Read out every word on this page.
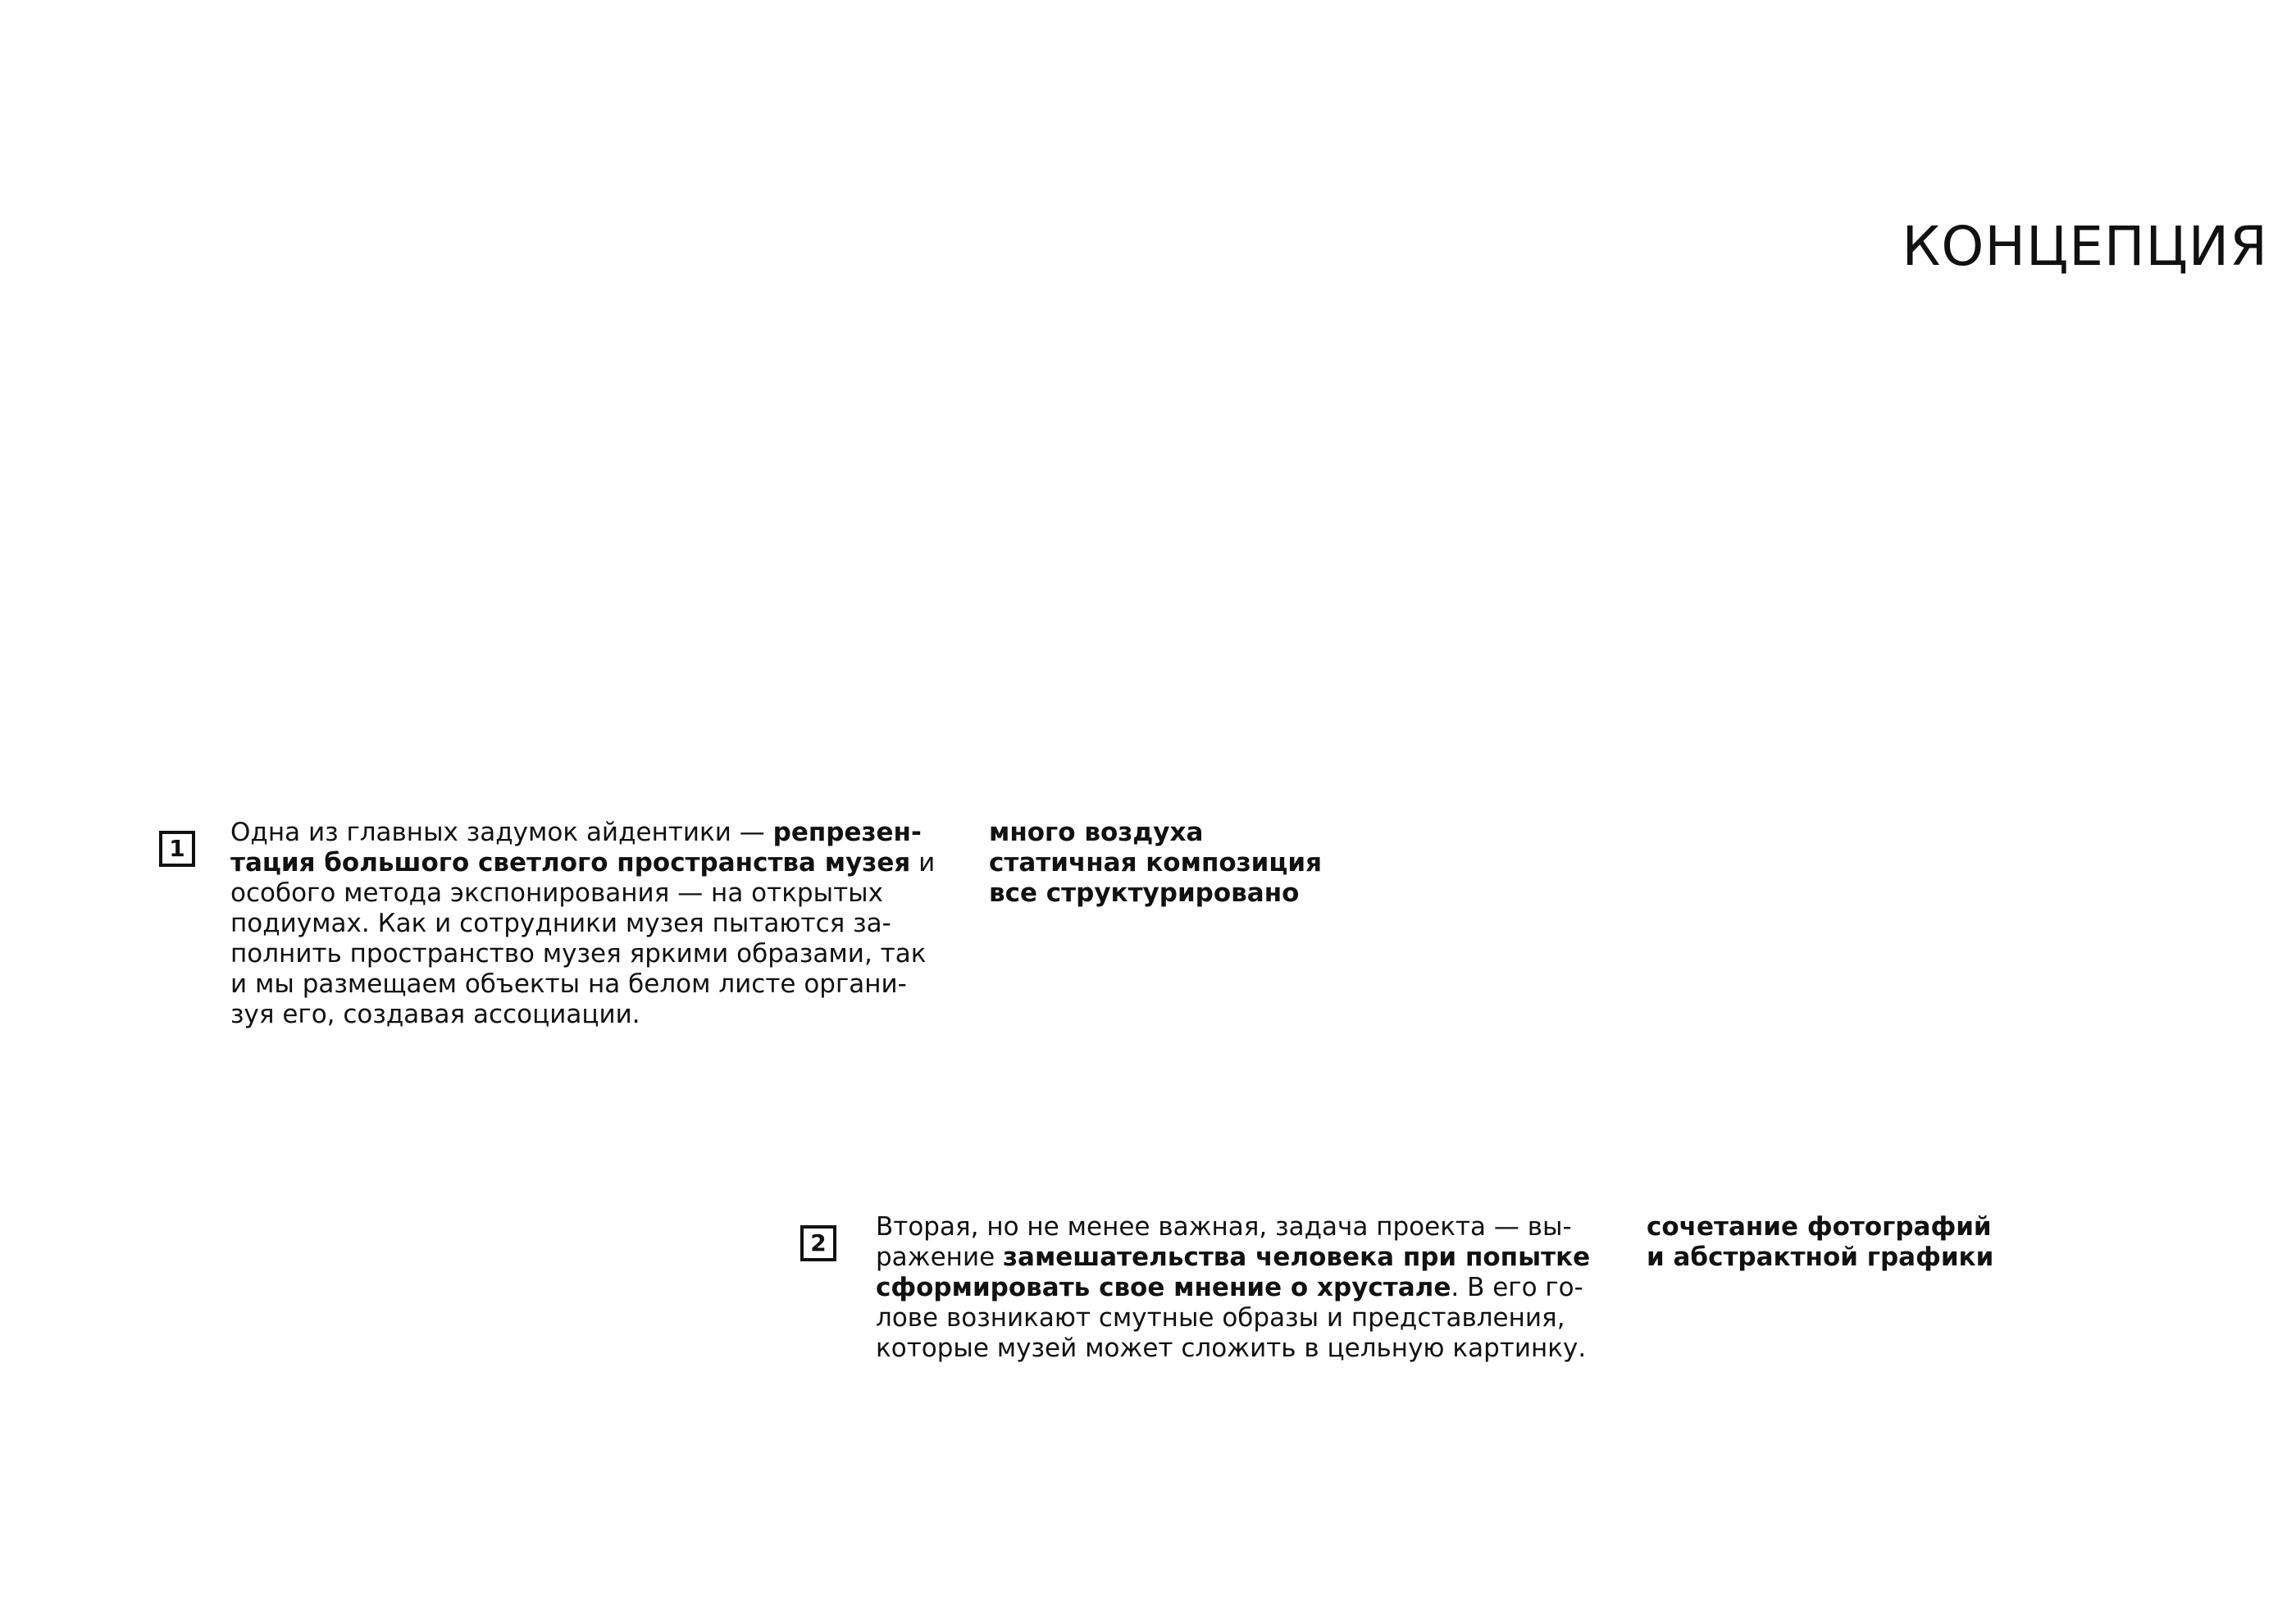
КОНЦЕПЦИЯ
1

Одна из главных задумок айдентики — репрезен-
тация большого светлого пространства музея и
особого метода экспонирования — на открытых
подиумах. Как и сотрудники музея пытаются за-
полнить пространство музея яркими образами, так
и мы размещаем объекты на белом листе органи-
зуя его, создавая ассоциации.

много воздуха
статичная композиция
все структурировано

2

Вторая, но не менее важная, задача проекта — вы-
ражение замешательства человека при попытке
сформировать свое мнение о хрустале. В его го-
лове возникают смутные образы и представления,
которые музей может сложить в цельную картинку.

сочетание фотографий
и абстрактной графики
